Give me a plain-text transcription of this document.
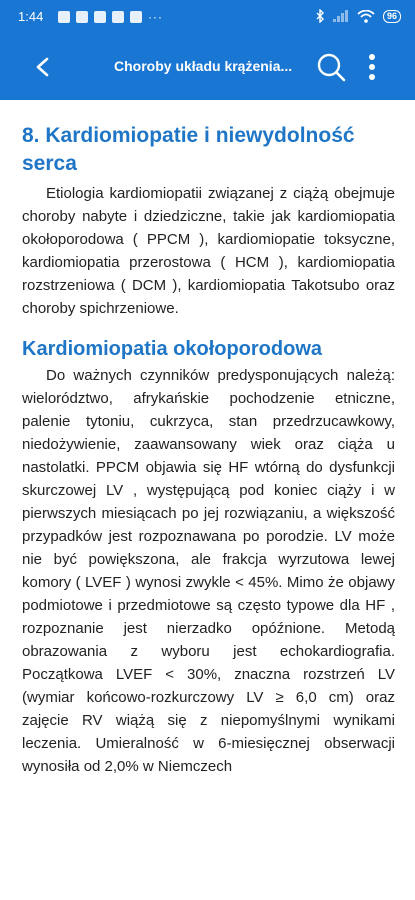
1:44	···	96
Choroby układu krążenia...
8. Kardiomiopatie i niewydolność serca

Etiologia kardiomiopatii związanej z ciążą obejmuje choroby nabyte i dziedziczne, takie jak kardiomiopatia okołoporodowa ( PPCM ), kardiomiopatie toksyczne, kardiomiopatia przerostowa ( HCM ), kardiomiopatia rozstrzeniowa ( DCM ), kardiomiopatia Takotsubo oraz choroby spichrzeniowe.

Kardiomiopatia okołoporodowa

Do ważnych czynników predysponujących należą: wielorództwo, afrykańskie pochodzenie etniczne, palenie tytoniu, cukrzyca, stan przedrzucawkowy, niedożywienie, zaawansowany wiek oraz ciąża u nastolatki. PPCM objawia się HF wtórną do dysfunkcji skurczowej LV , występującą pod koniec ciąży i w pierwszych miesiącach po jej rozwiązaniu, a większość przypadków jest rozpoznawana po porodzie. LV może nie być powiększona, ale frakcja wyrzutowa lewej komory ( LVEF ) wynosi zwykle < 45%. Mimo że objawy podmiotowe i przedmiotowe są często typowe dla HF , rozpoznanie jest nierzadko opóźnione. Metodą obrazowania z wyboru jest echokardiografia. Początkowa LVEF < 30%, znaczna rozstrzeń LV (wymiar końcowo-rozkurczowy LV ≥ 6,0 cm) oraz zajęcie RV wiążą się z niepomyślnymi wynikami leczenia. Umieralność w 6-miesięcznej obserwacji wynosiła od 2,0% w Niemczech
